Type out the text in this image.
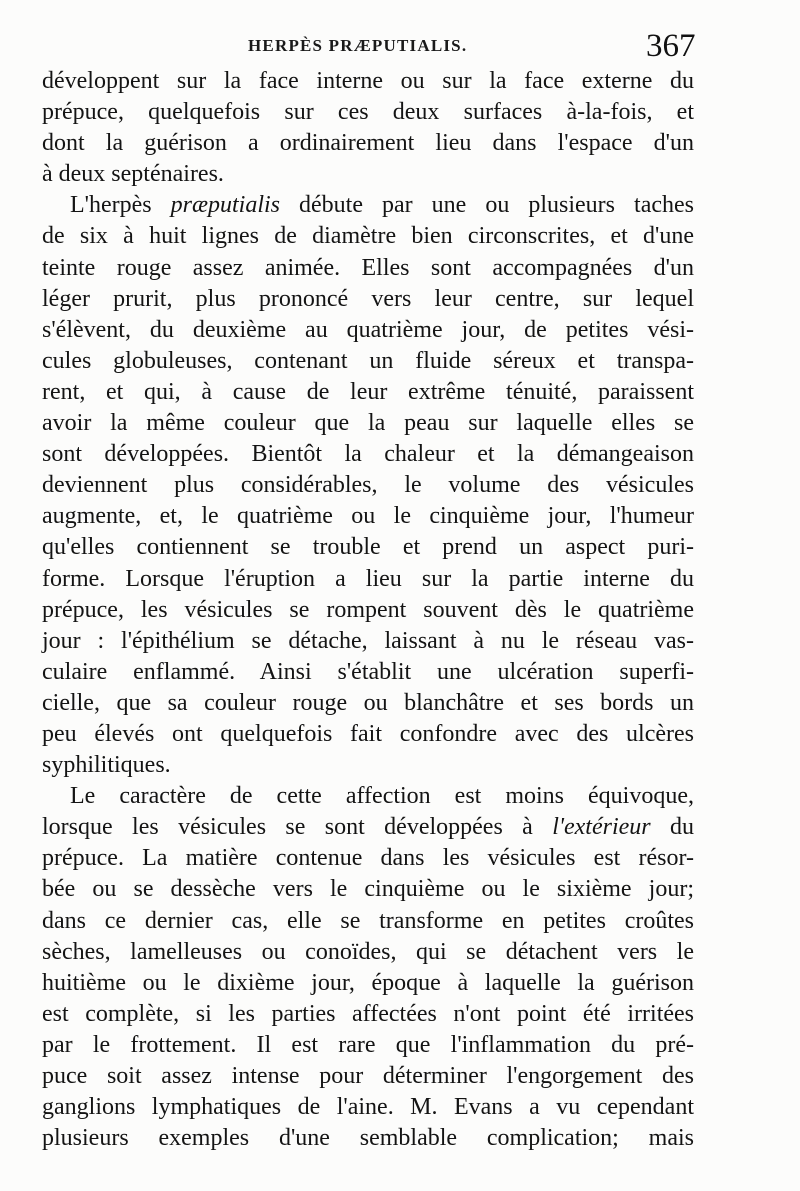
HERPÈS PRÆPUTIALIS.	367
développent sur la face interne ou sur la face externe du
prépuce, quelquefois sur ces deux surfaces à-la-fois, et
dont la guérison a ordinairement lieu dans l'espace d'un
à deux septénaires.
L'herpès præputialis débute par une ou plusieurs taches
de six à huit lignes de diamètre bien circonscrites, et d'une
teinte rouge assez animée. Elles sont accompagnées d'un
léger prurit, plus prononcé vers leur centre, sur lequel
s'élèvent, du deuxième au quatrième jour, de petites vési-
cules globuleuses, contenant un fluide séreux et transpa-
rent, et qui, à cause de leur extrême ténuité, paraissent
avoir la même couleur que la peau sur laquelle elles se
sont développées. Bientôt la chaleur et la démangeaison
deviennent plus considérables, le volume des vésicules
augmente, et, le quatrième ou le cinquième jour, l'humeur
qu'elles contiennent se trouble et prend un aspect puri-
forme. Lorsque l'éruption a lieu sur la partie interne du
prépuce, les vésicules se rompent souvent dès le quatrième
jour : l'épithélium se détache, laissant à nu le réseau vas-
culaire enflammé. Ainsi s'établit une ulcération superfi-
cielle, que sa couleur rouge ou blanchâtre et ses bords un
peu élevés ont quelquefois fait confondre avec des ulcères
syphilitiques.
Le caractère de cette affection est moins équivoque,
lorsque les vésicules se sont développées à l'extérieur du
prépuce. La matière contenue dans les vésicules est résor-
bée ou se dessèche vers le cinquième ou le sixième jour;
dans ce dernier cas, elle se transforme en petites croûtes
sèches, lamelleuses ou conoïdes, qui se détachent vers le
huitième ou le dixième jour, époque à laquelle la guérison
est complète, si les parties affectées n'ont point été irritées
par le frottement. Il est rare que l'inflammation du pré-
puce soit assez intense pour déterminer l'engorgement des
ganglions lymphatiques de l'aine. M. Evans a vu cependant
plusieurs exemples d'une semblable complication; mais
